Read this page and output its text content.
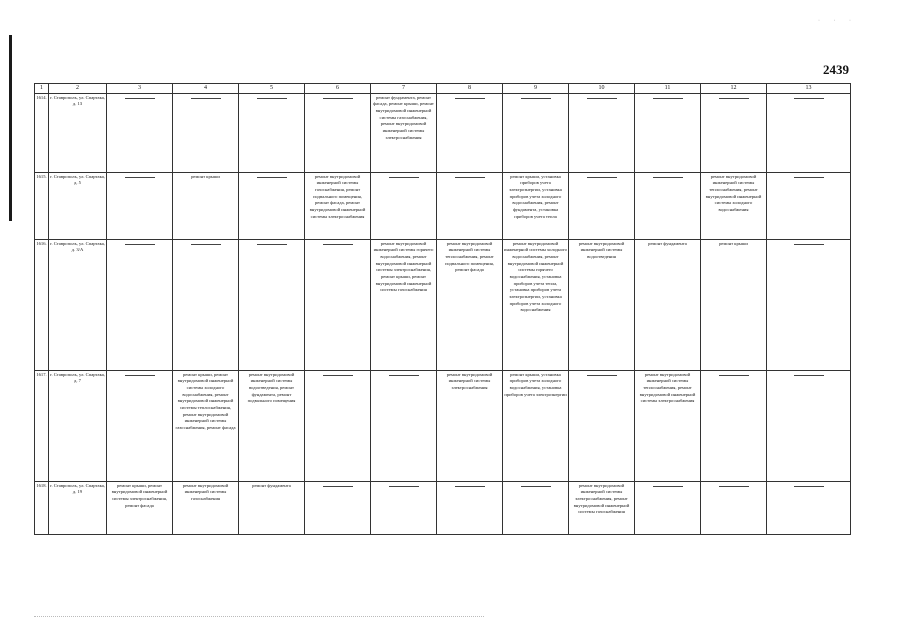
· · ·
2439
1	2	3	4	5	6	7	8	9	10	11	12	13
1614.	г. Ставрополь, ул. Спартака, д. 13					ремонт фундамента, ремонт фасада, ремонт крыши, ремонт внутридомовой инженерной системы газоснабжения, ремонт внутридомовой инженерной системы электроснабжения						
1615.	г. Ставрополь, ул. Спартака, д. 5		ремонт крыши		ремонт внутридомовой инженерной системы газоснабжения, ремонт подвального помещения, ремонт фасада, ремонт внутридомовой инженерной системы электроснабжения			ремонт крыши, установка приборов учета электроэнергии, установка приборов учета холодного водоснабжения, ремонт фундамента, установка приборов учета тепла			ремонт внутридомовой инженерной системы теплоснабжения, ремонт внутридомовой инженерной системы холодного водоснабжения	
1616.	г. Ставрополь, ул. Спартака, д. 3/А					ремонт внутридомовой инженерной системы горячего водоснабжения, ремонт внутридомовой инженерной системы электроснабжения, ремонт крыши, ремонт внутридомовой инженерной системы газоснабжения	ремонт внутридомовой инженерной системы теплоснабжения, ремонт подвального помещения, ремонт фасада	ремонт внутридомовой инженерной системы холодного водоснабжения, ремонт внутридомовой инженерной системы горячего водоснабжения, установка приборов учета тепла, установка приборов учета электроэнергии, установка приборов учета холодного водоснабжения	ремонт внутридомовой инженерной системы водоотведения	ремонт фундамента	ремонт крыши	
1617.	г. Ставрополь, ул. Спартака, д. 7		ремонт крыши, ремонт внутридомовой инженерной системы холодного водоснабжения, ремонт внутридомовой инженерной системы теплоснабжения, ремонт внутридомовой инженерной системы газоснабжения, ремонт фасада	ремонт внутридомовой инженерной системы водоотведения, ремонт фундамента, ремонт подвального помещения			ремонт внутридомовой инженерной системы электроснабжения	ремонт крыши, установка приборов учета холодного водоснабжения, установка приборов учета электроэнергии		ремонт внутридомовой инженерной системы теплоснабжения, ремонт внутридомовой инженерной системы электроснабжения		
1618.	г. Ставрополь, ул. Спартака, д. 19	ремонт крыши, ремонт внутридомовой инженерной системы электроснабжения, ремонт фасада	ремонт внутридомовой инженерной системы газоснабжения	ремонт фундамента					ремонт внутридомовой инженерной системы электроснабжения, ремонт внутридомовой инженерной системы газоснабжения			
